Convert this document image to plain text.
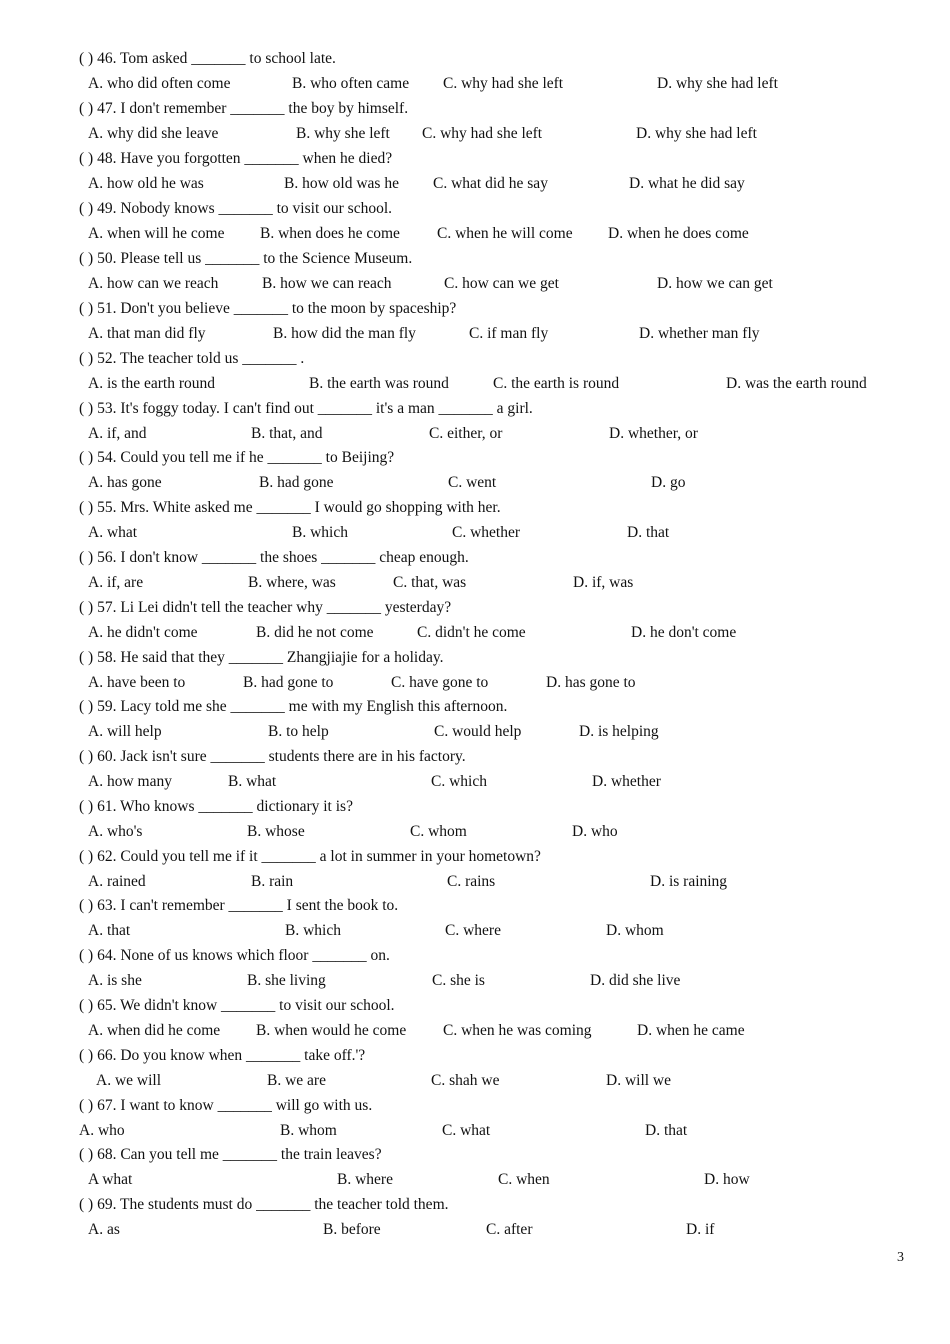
( ) 46. Tom asked _______ to school late.
A. who did often come	B. who often came C. why had she left	D. why she had left
( ) 47. I don't remember _______ the boy by himself.
A. why did she leave	B. why she left C. why had she left	D. why she had left
( ) 48. Have you forgotten _______ when he died?
A. how old he was	B. how old was he C. what did he say	D. what he did say
( ) 49. Nobody knows _______ to visit our school.
A. when will he come B. when does he come C. when he will come D. when he does come
( ) 50. Please tell us _______ to the Science Museum.
A. how can we reach	B. how we can reach	C. how can we get	D. how we can get
( ) 51. Don't you believe _______ to the moon by spaceship?
A. that man did fly	B. how did the man fly	C. if man fly	D. whether man fly
( ) 52. The teacher told us _______ .
A. is the earth round	B. the earth was round	C. the earth is round	D. was the earth round
( ) 53. It's foggy today. I can't find out _______ it's a man _______ a girl.
A. if, and	B. that, and	C. either, or	D. whether, or
( ) 54. Could you tell me if he _______ to Beijing?
A. has gone	B. had gone	C. went	D. go
( ) 55. Mrs. White asked me _______ I would go shopping with her.
A. what	B. which	C. whether	D. that
( ) 56. I don't know _______ the shoes _______ cheap enough.
A. if, are	B. where, was	C. that, was	D. if, was
( ) 57. Li Lei didn't tell the teacher why _______ yesterday?
A. he didn't come	B. did he not come	C. didn't he come	D. he don't come
( ) 58. He said that they _______ Zhangjiajie for a holiday.
A. have been to	B. had gone to	C. have gone to	D. has gone to
( ) 59. Lacy told me she _______ me with my English this afternoon.
A. will help	B. to help	C. would help	D. is helping
( ) 60. Jack isn't sure _______ students there are in his factory.
A. how many	B. what	C. which	D. whether
( ) 61. Who knows _______ dictionary it is?
A. who's	B. whose	C. whom	D. who
( ) 62. Could you tell me if it _______ a lot in summer in your hometown?
A. rained	B. rain	C. rains	D. is raining
( ) 63. I can't remember _______ I sent the book to.
A. that	B. which	C. where	D. whom
( ) 64. None of us knows which floor _______ on.
A. is she	B. she living	C. she is	D. did she live
( ) 65. We didn't know _______ to visit our school.
A. when did he come B. when would he come C. when he was coming	D. when he came
( ) 66. Do you know when _______ take off.'?
A. we will	B. we are	C. shah we	D. will we
( ) 67. I want to know _______ will go with us.
A. who	B. whom	C. what	D. that
( ) 68. Can you tell me _______ the train leaves?
A what	B. where	C. when	D. how
( ) 69. The students must do _______ the teacher told them.
A. as	B. before	C. after	D. if
3
